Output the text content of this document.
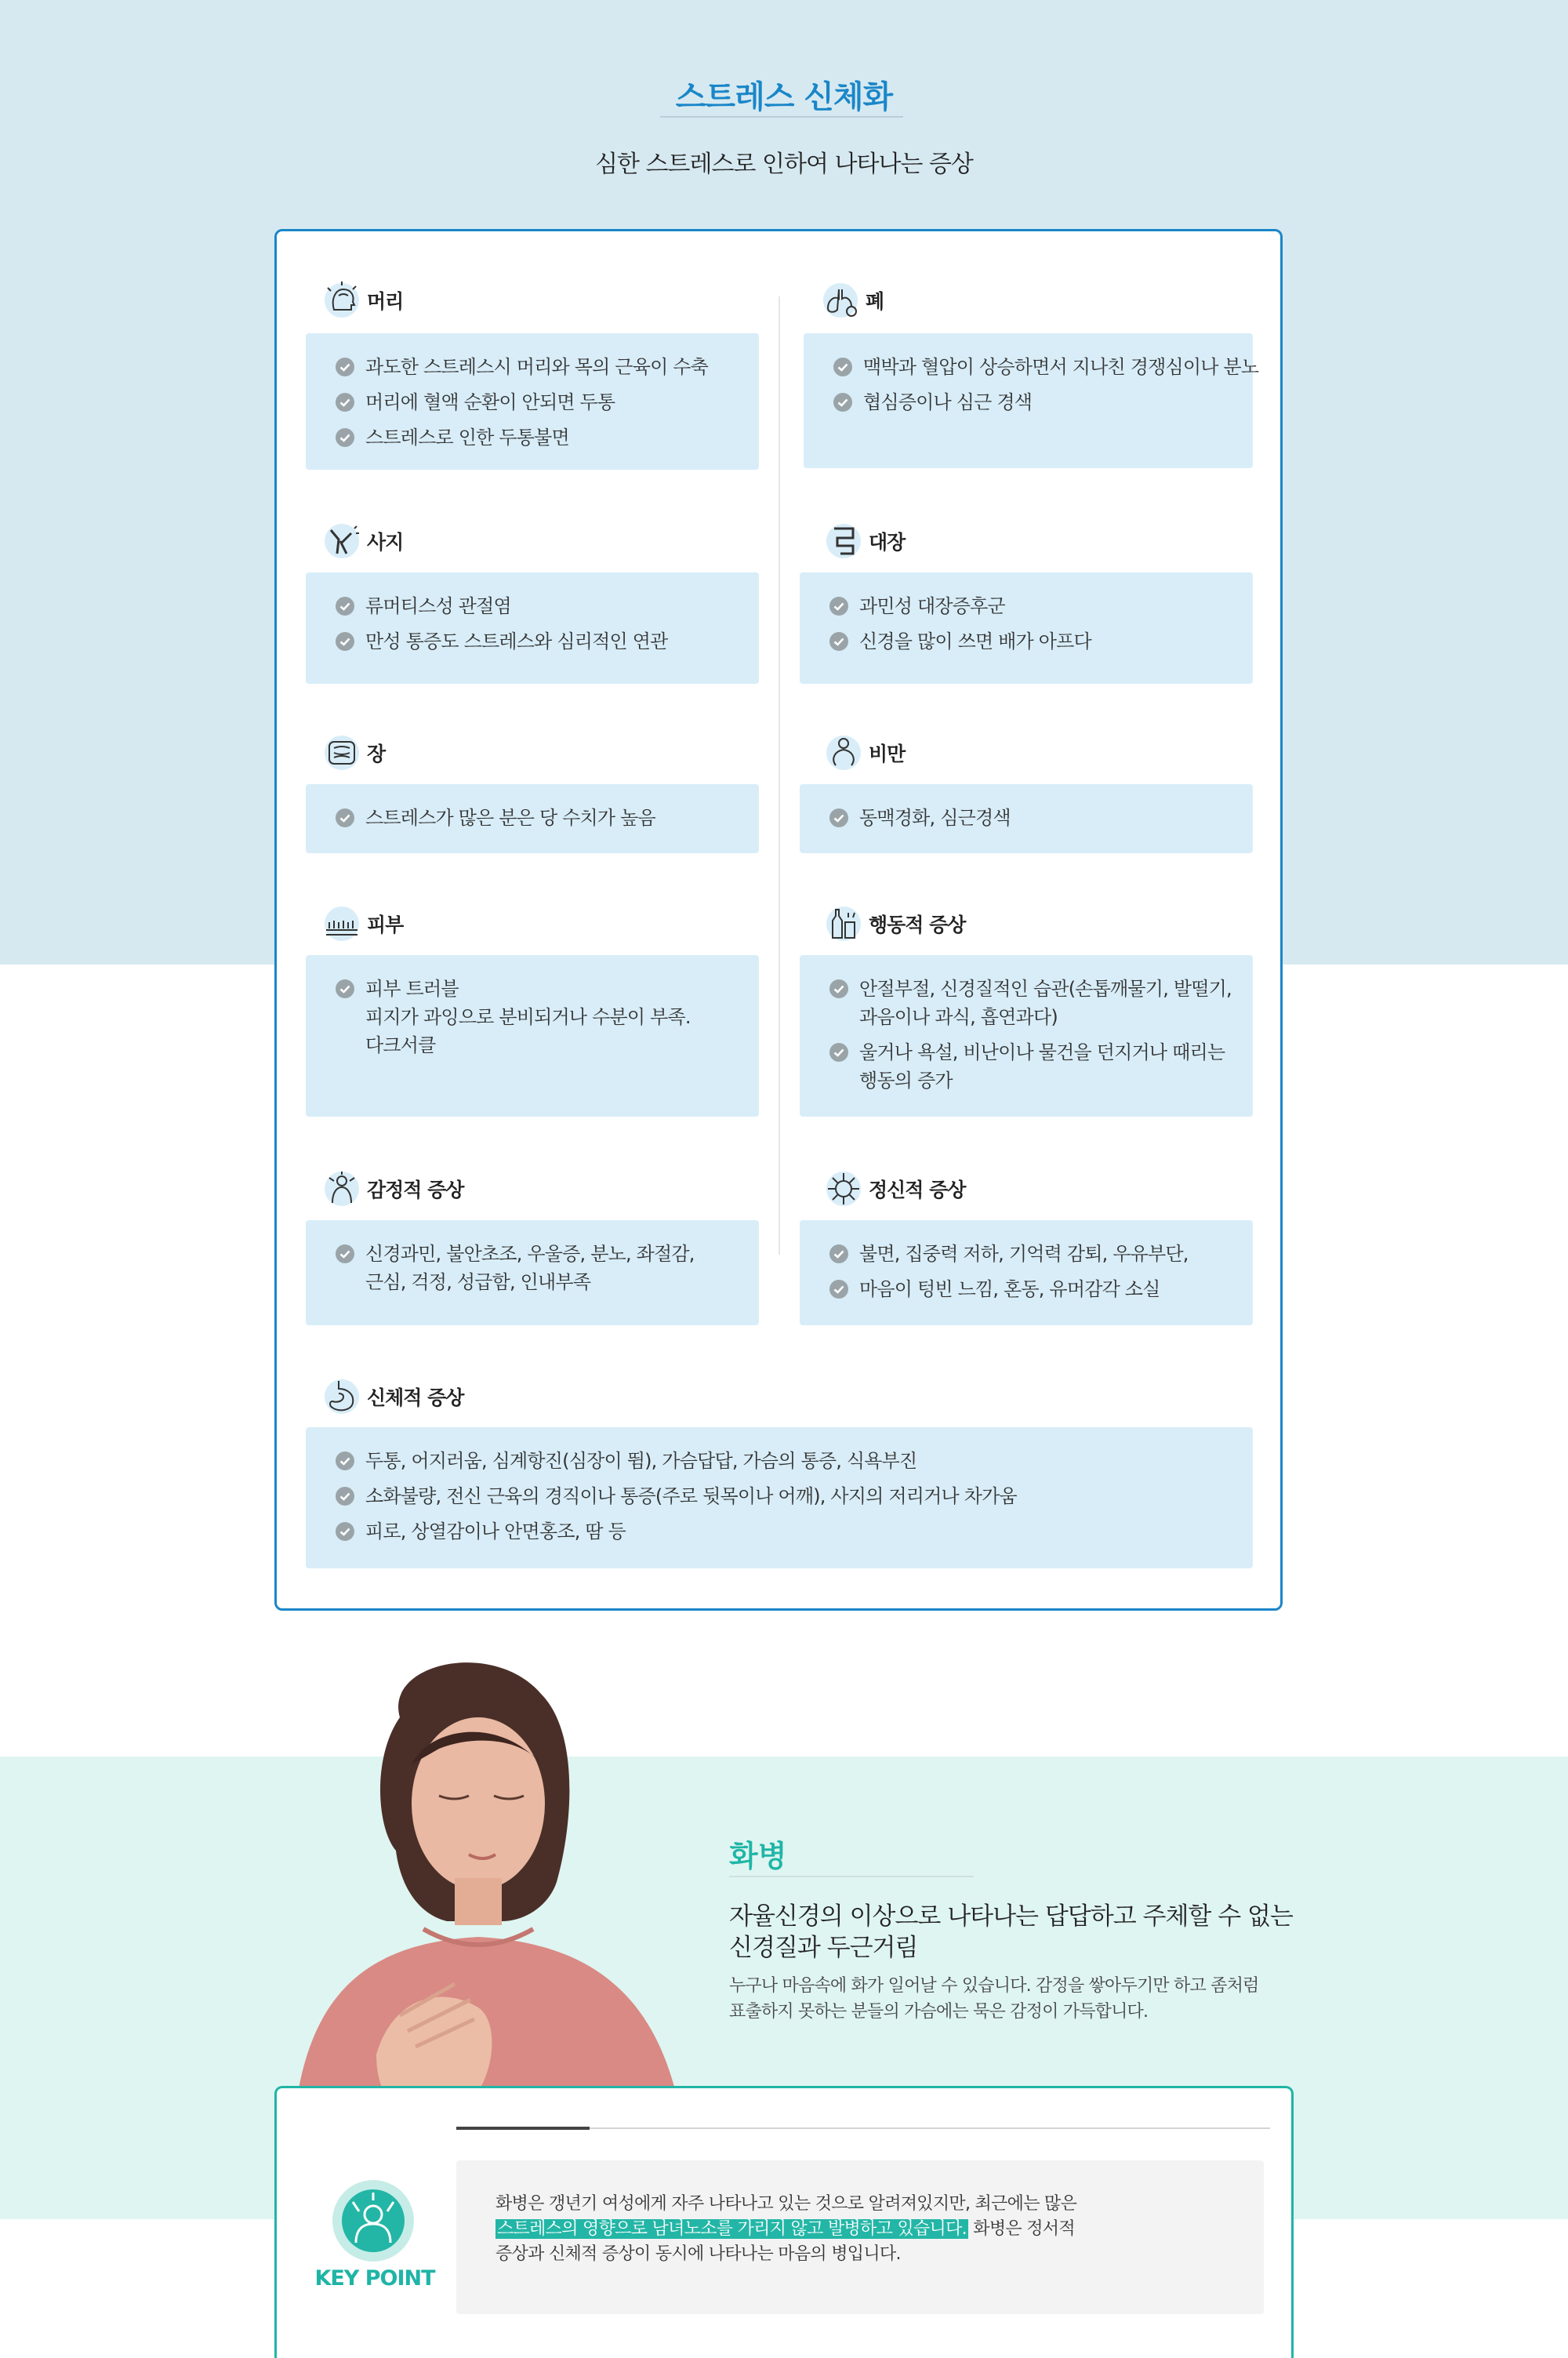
스트레스 신체화
심한 스트레스로 인하여 나타나는 증상
머리
과도한 스트레스시 머리와 목의 근육이 수축
머리에 혈액 순환이 안되면 두통
스트레스로 인한 두통불면
폐
맥박과 혈압이 상승하면서 지나친 경쟁심이나 분노
협심증이나 심근 경색
사지
류머티스성 관절염
만성 통증도 스트레스와 심리적인 연관
대장
과민성 대장증후군
신경을 많이 쓰면 배가 아프다
장
스트레스가 많은 분은 당 수치가 높음
비만
동맥경화, 심근경색
피부
피부 트러블
피지가 과잉으로 분비되거나 수분이 부족.
다크서클
행동적 증상
안절부절, 신경질적인 습관(손톱깨물기, 발떨기,
과음이나 과식, 흡연과다)
울거나 욕설, 비난이나 물건을 던지거나 때리는
행동의 증가
감정적 증상
신경과민, 불안초조, 우울증, 분노, 좌절감,
근심, 걱정, 성급함, 인내부족
정신적 증상
불면, 집중력 저하, 기억력 감퇴, 우유부단,
마음이 텅빈 느낌, 혼동, 유머감각 소실
신체적 증상
두통, 어지러움, 심계항진(심장이 뜀), 가슴답답, 가슴의 통증, 식욕부진
소화불량, 전신 근육의 경직이나 통증(주로 뒷목이나 어깨), 사지의 저리거나 차가움
피로, 상열감이나 안면홍조, 땀 등
화병
자율신경의 이상으로 나타나는 답답하고 주체할 수 없는
신경질과 두근거림
누구나 마음속에 화가 일어날 수 있습니다. 감정을 쌓아두기만 하고 좀처럼
표출하지 못하는 분들의 가슴에는 묵은 감정이 가득합니다.
KEY POINT
화병은 갱년기 여성에게 자주 나타나고 있는 것으로 알려져있지만, 최근에는 많은
스트레스의 영향으로 남녀노소를 가리지 않고 발병하고 있습니다. 화병은 정서적
증상과 신체적 증상이 동시에 나타나는 마음의 병입니다.
